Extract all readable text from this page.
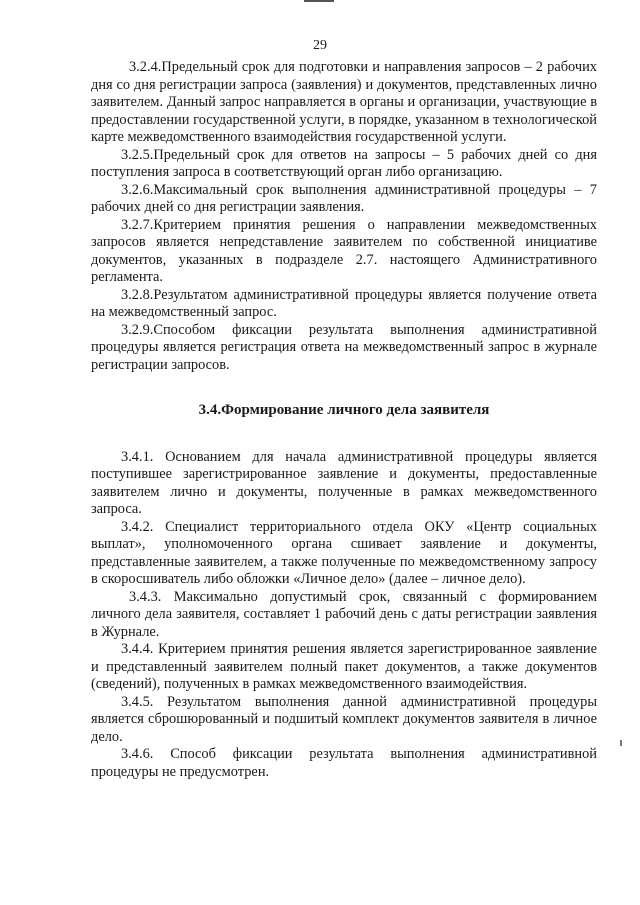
29

3.2.4.Предельный срок для подготовки и направления запросов – 2 рабочих дня со дня регистрации запроса (заявления) и документов, представленных лично заявителем. Данный запрос направляется в органы и организации, участвующие в предоставлении государственной услуги, в порядке, указанном в технологической карте межведомственного взаимодействия государственной услуги.

3.2.5.Предельный срок для ответов на запросы – 5 рабочих дней со дня поступления запроса в соответствующий орган либо организацию.

3.2.6.Максимальный срок выполнения административной процедуры – 7 рабочих дней со дня регистрации заявления.

3.2.7.Критерием принятия решения о направлении межведомственных запросов является непредставление заявителем по собственной инициативе документов, указанных в подразделе 2.7. настоящего Административного регламента.

3.2.8.Результатом административной процедуры является получение ответа на межведомственный запрос.

3.2.9.Способом фиксации результата выполнения административной процедуры является регистрация ответа на межведомственный запрос в журнале регистрации запросов.

3.4.Формирование личного дела заявителя

3.4.1. Основанием для начала административной процедуры является поступившее зарегистрированное заявление и документы, предоставленные заявителем лично и документы, полученные в рамках межведомственного запроса.

3.4.2. Специалист территориального отдела ОКУ «Центр социальных выплат», уполномоченного органа сшивает заявление и документы, представленные заявителем, а также полученные по межведомственному запросу в скоросшиватель либо обложки «Личное дело» (далее – личное дело).

3.4.3. Максимально допустимый срок, связанный с формированием личного дела заявителя, составляет 1 рабочий день с даты регистрации заявления в Журнале.

3.4.4. Критерием принятия решения является зарегистрированное заявление и представленный заявителем полный пакет документов, а также документов (сведений), полученных в рамках межведомственного взаимодействия.

3.4.5. Результатом выполнения данной административной процедуры является сброшюрованный и подшитый комплект документов заявителя в личное дело.

3.4.6. Способ фиксации результата выполнения административной процедуры не предусмотрен.
